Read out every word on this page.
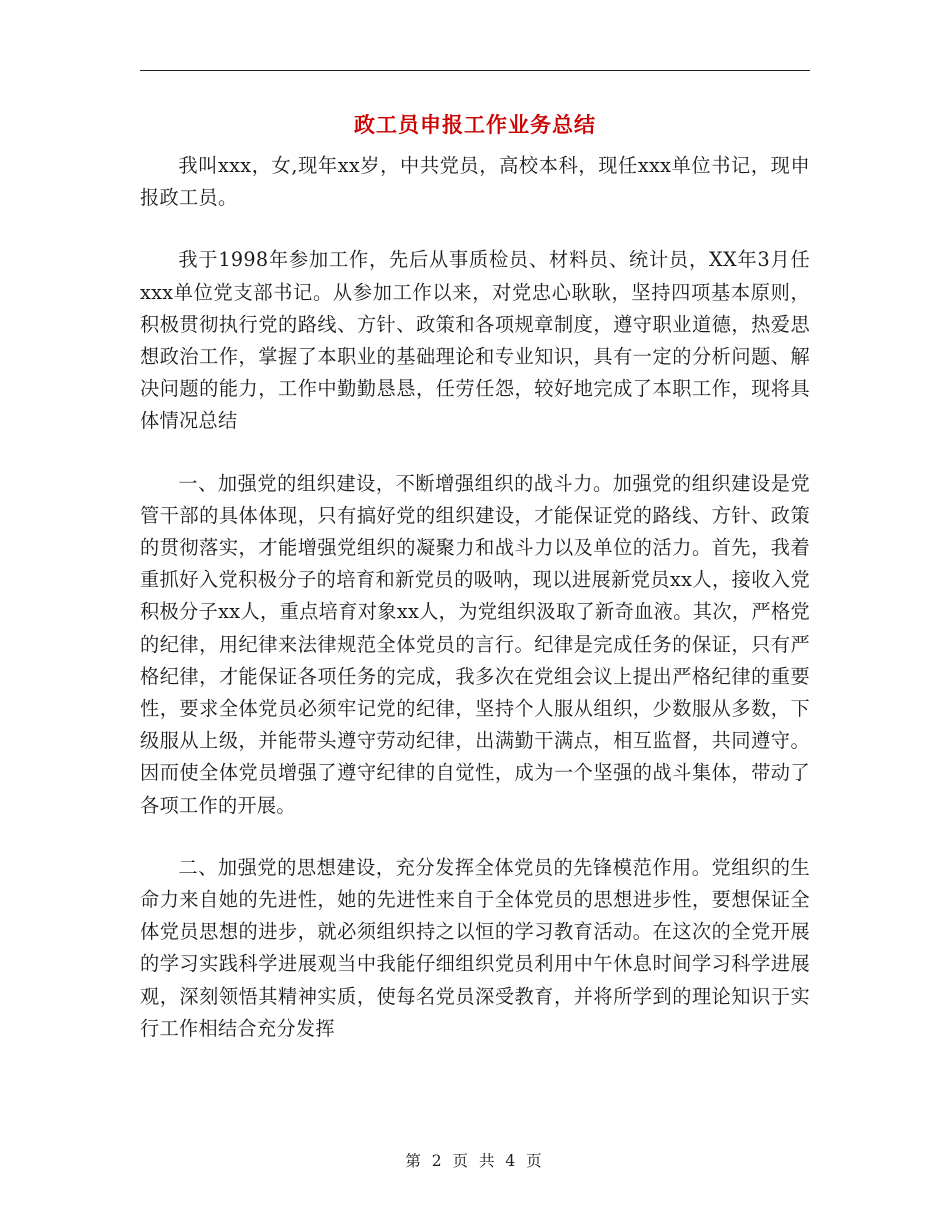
政工员申报工作业务总结

我叫xxx，女,现年xx岁，中共党员，高校本科，现任xxx单位书记，现申报政工员。

我于1998年参加工作，先后从事质检员、材料员、统计员，XX年3月任xxx单位党支部书记。从参加工作以来，对党忠心耿耿，坚持四项基本原则，积极贯彻执行党的路线、方针、政策和各项规章制度，遵守职业道德，热爱思想政治工作，掌握了本职业的基础理论和专业知识，具有一定的分析问题、解决问题的能力，工作中勤勤恳恳，任劳任怨，较好地完成了本职工作，现将具体情况总结

一、加强党的组织建设，不断增强组织的战斗力。加强党的组织建设是党管干部的具体体现，只有搞好党的组织建设，才能保证党的路线、方针、政策的贯彻落实，才能增强党组织的凝聚力和战斗力以及单位的活力。首先，我着重抓好入党积极分子的培育和新党员的吸呐，现以进展新党员xx人，接收入党积极分子xx人，重点培育对象xx人，为党组织汲取了新奇血液。其次，严格党的纪律，用纪律来法律规范全体党员的言行。纪律是完成任务的保证，只有严格纪律，才能保证各项任务的完成，我多次在党组会议上提出严格纪律的重要性，要求全体党员必须牢记党的纪律，坚持个人服从组织，少数服从多数，下级服从上级，并能带头遵守劳动纪律，出满勤干满点，相互监督，共同遵守。因而使全体党员增强了遵守纪律的自觉性，成为一个坚强的战斗集体，带动了各项工作的开展。

二、加强党的思想建设，充分发挥全体党员的先锋模范作用。党组织的生命力来自她的先进性，她的先进性来自于全体党员的思想进步性，要想保证全体党员思想的进步，就必须组织持之以恒的学习教育活动。在这次的全党开展的学习实践科学进展观当中我能仔细组织党员利用中午休息时间学习科学进展观，深刻领悟其精神实质，使每名党员深受教育，并将所学到的理论知识于实行工作相结合充分发挥

第 2 页 共 4 页
